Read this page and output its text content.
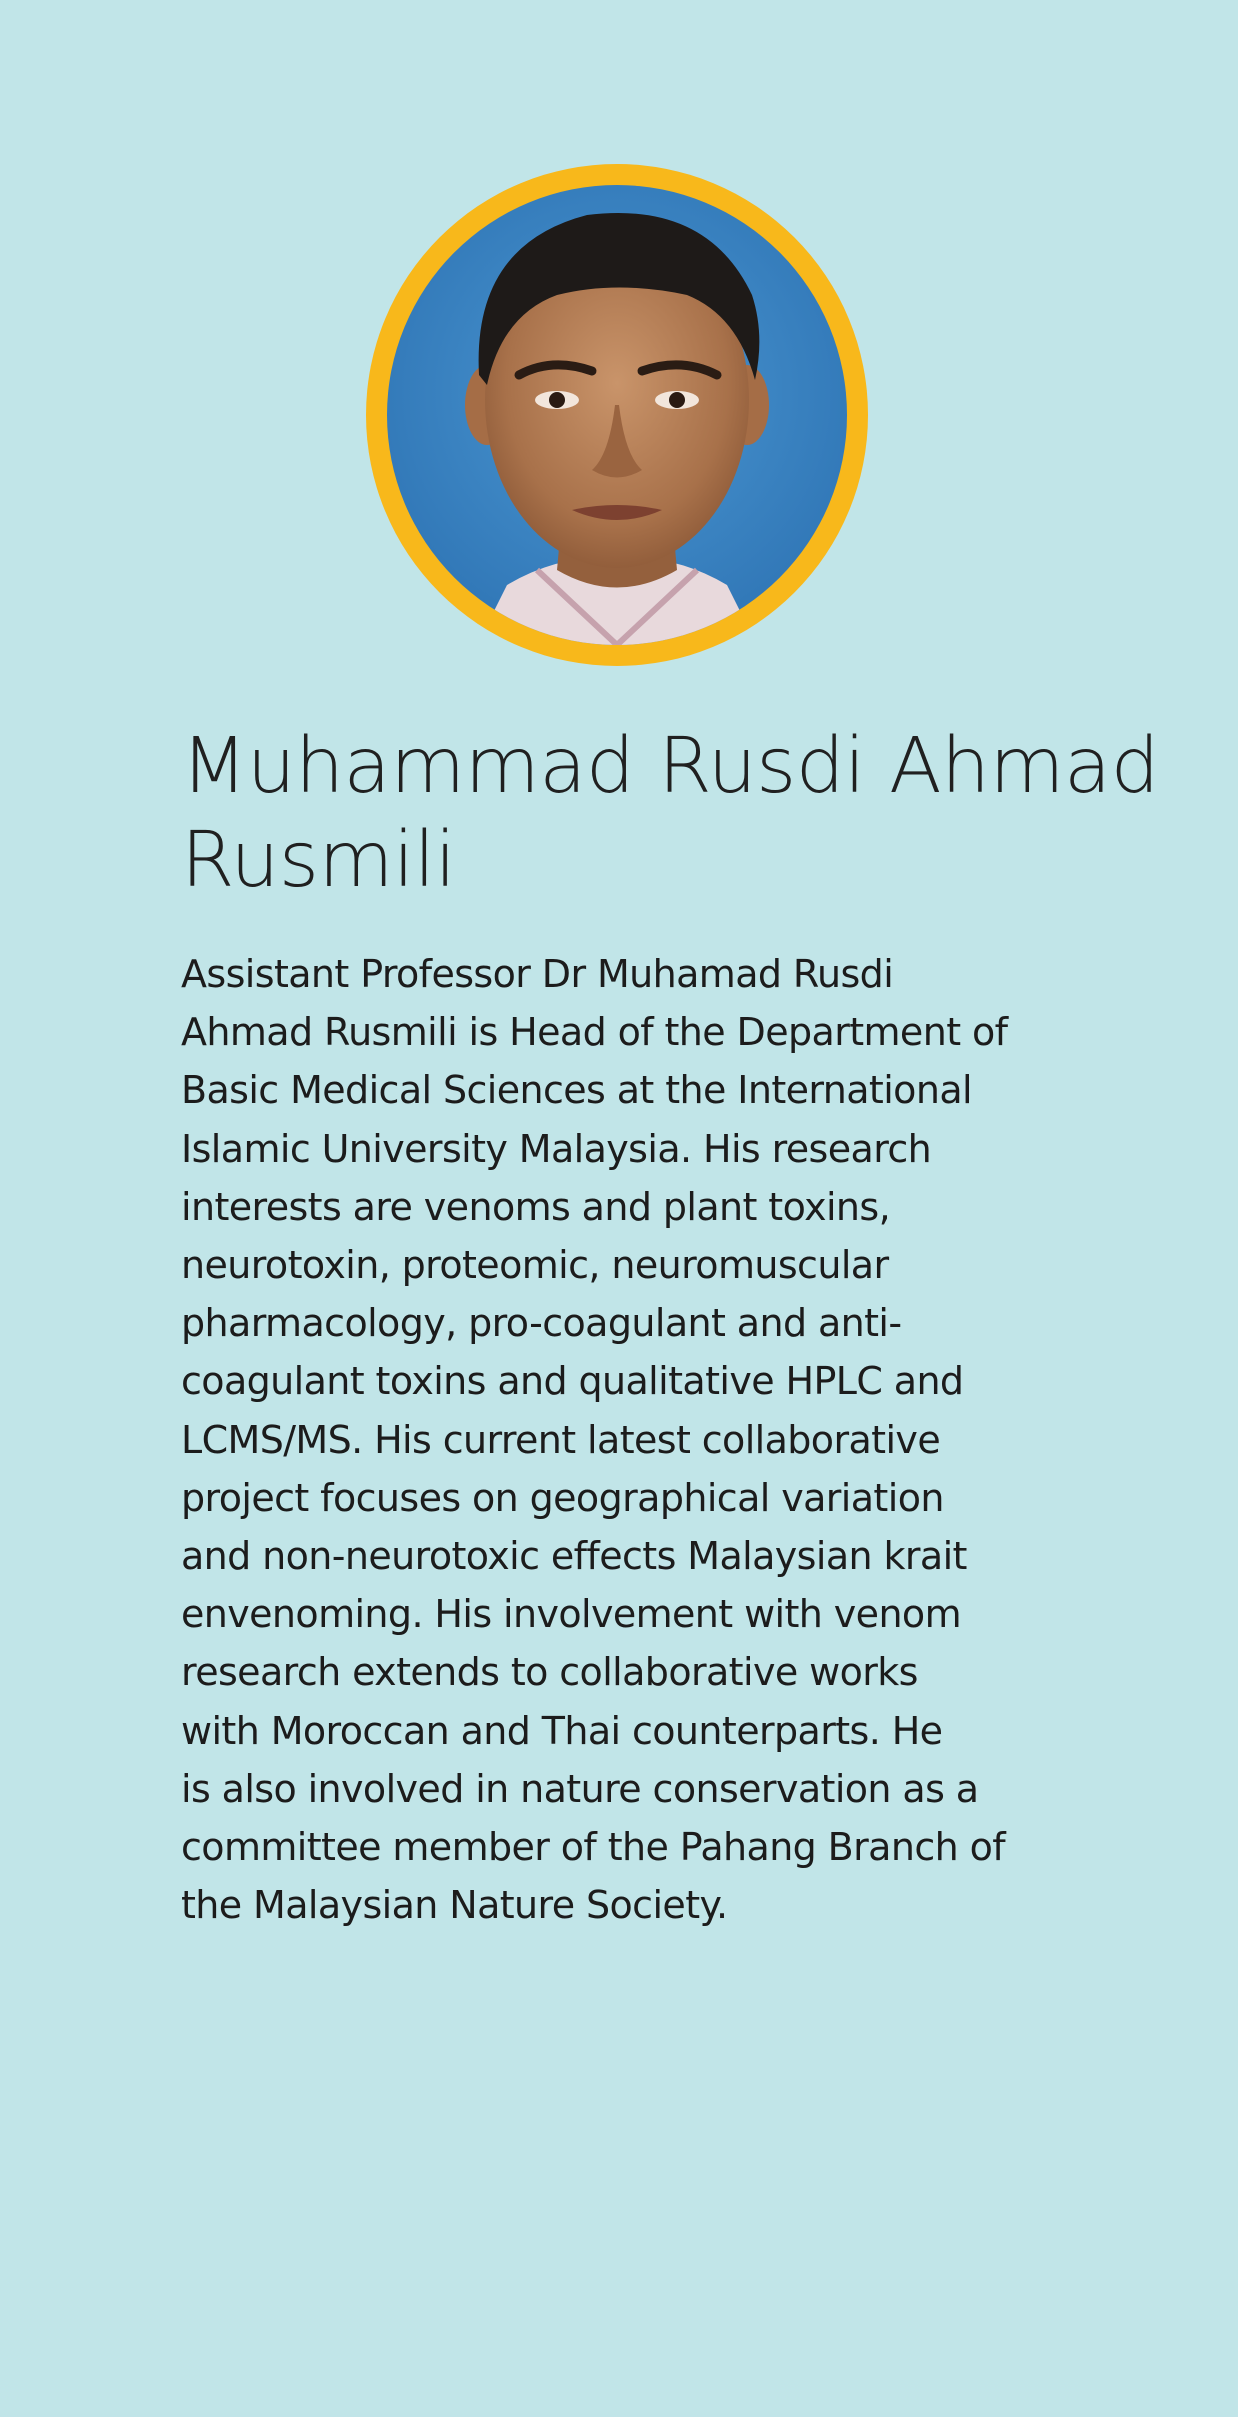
Muhammad Rusdi Ahmad
Rusmili

Assistant Professor Dr Muhamad Rusdi
Ahmad Rusmili is Head of the Department of
Basic Medical Sciences at the International
Islamic University Malaysia. His research
interests are venoms and plant toxins,
neurotoxin, proteomic, neuromuscular
pharmacology, pro-coagulant and anti-
coagulant toxins and qualitative HPLC and
LCMS/MS. His current latest collaborative
project focuses on geographical variation
and non-neurotoxic effects Malaysian krait
envenoming. His involvement with venom
research extends to collaborative works
with Moroccan and Thai counterparts. He
is also involved in nature conservation as a
committee member of the Pahang Branch of
the Malaysian Nature Society.
